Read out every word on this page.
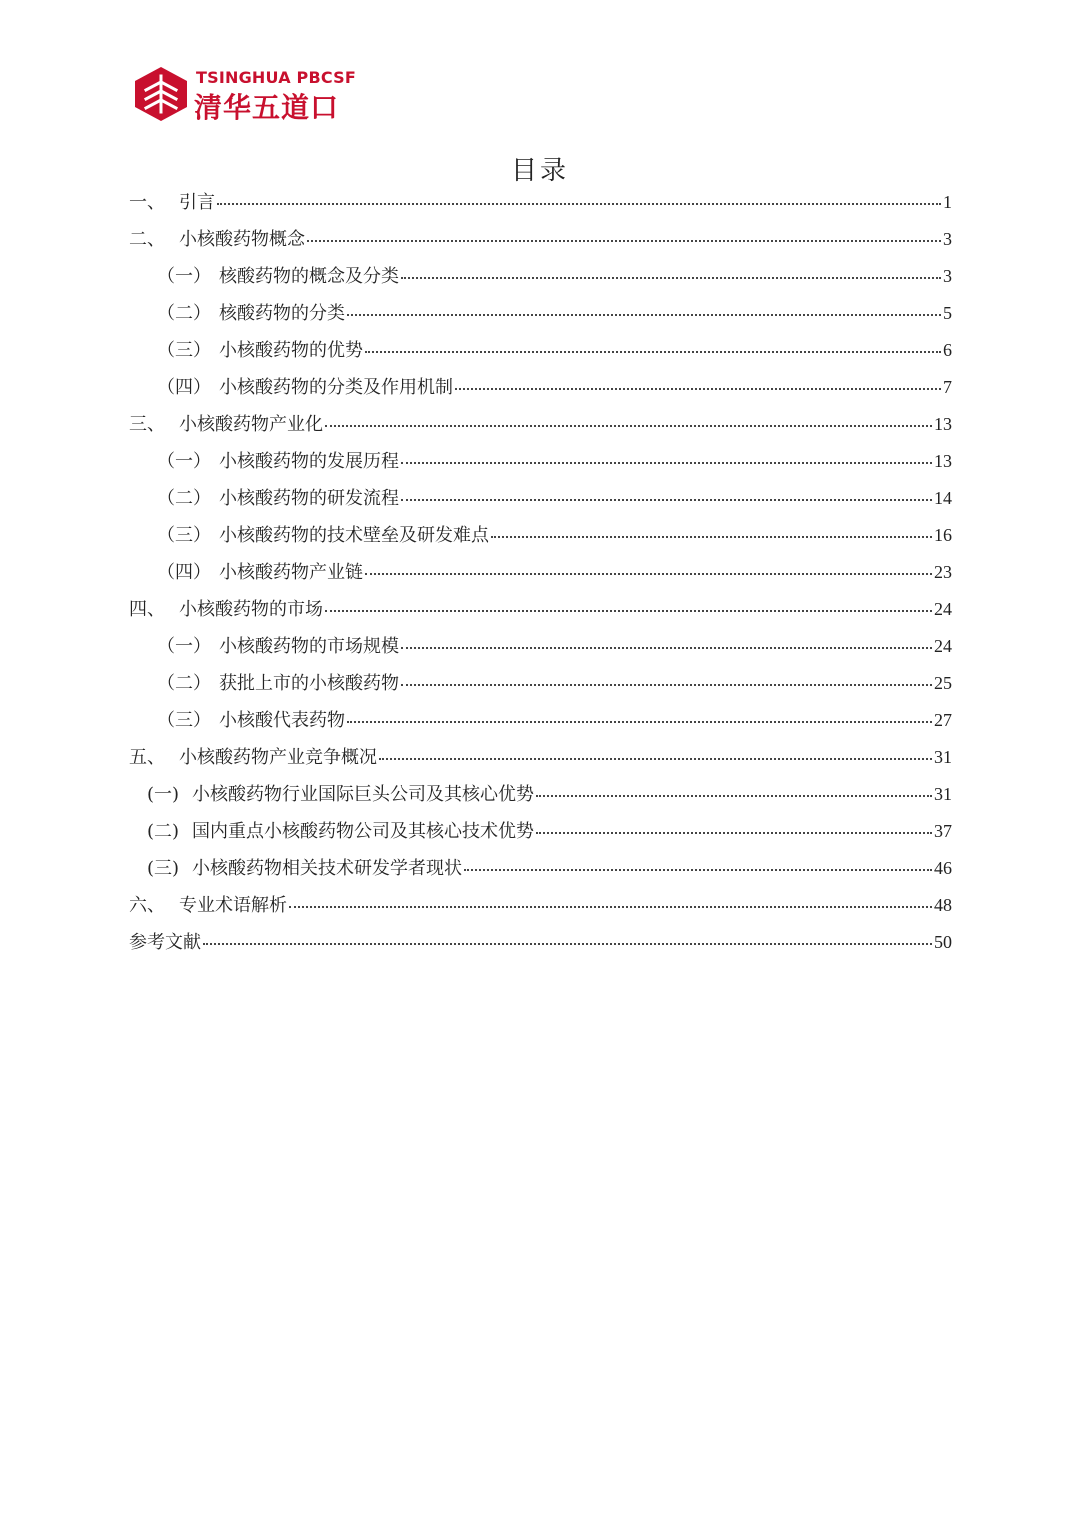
TSINGHUA PBCSF
清华五道口
目录
一、 引言	1
二、 小核酸药物概念	3
（一） 核酸药物的概念及分类	3
（二） 核酸药物的分类	5
（三） 小核酸药物的优势	6
（四） 小核酸药物的分类及作用机制	7
三、 小核酸药物产业化	13
（一） 小核酸药物的发展历程	13
（二） 小核酸药物的研发流程	14
（三） 小核酸药物的技术壁垒及研发难点	16
（四） 小核酸药物产业链	23
四、 小核酸药物的市场	24
（一） 小核酸药物的市场规模	24
（二） 获批上市的小核酸药物	25
（三） 小核酸代表药物	27
五、 小核酸药物产业竞争概况	31
(一) 小核酸药物行业国际巨头公司及其核心优势	31
(二) 国内重点小核酸药物公司及其核心技术优势	37
(三) 小核酸药物相关技术研发学者现状	46
六、 专业术语解析	48
参考文献	50
